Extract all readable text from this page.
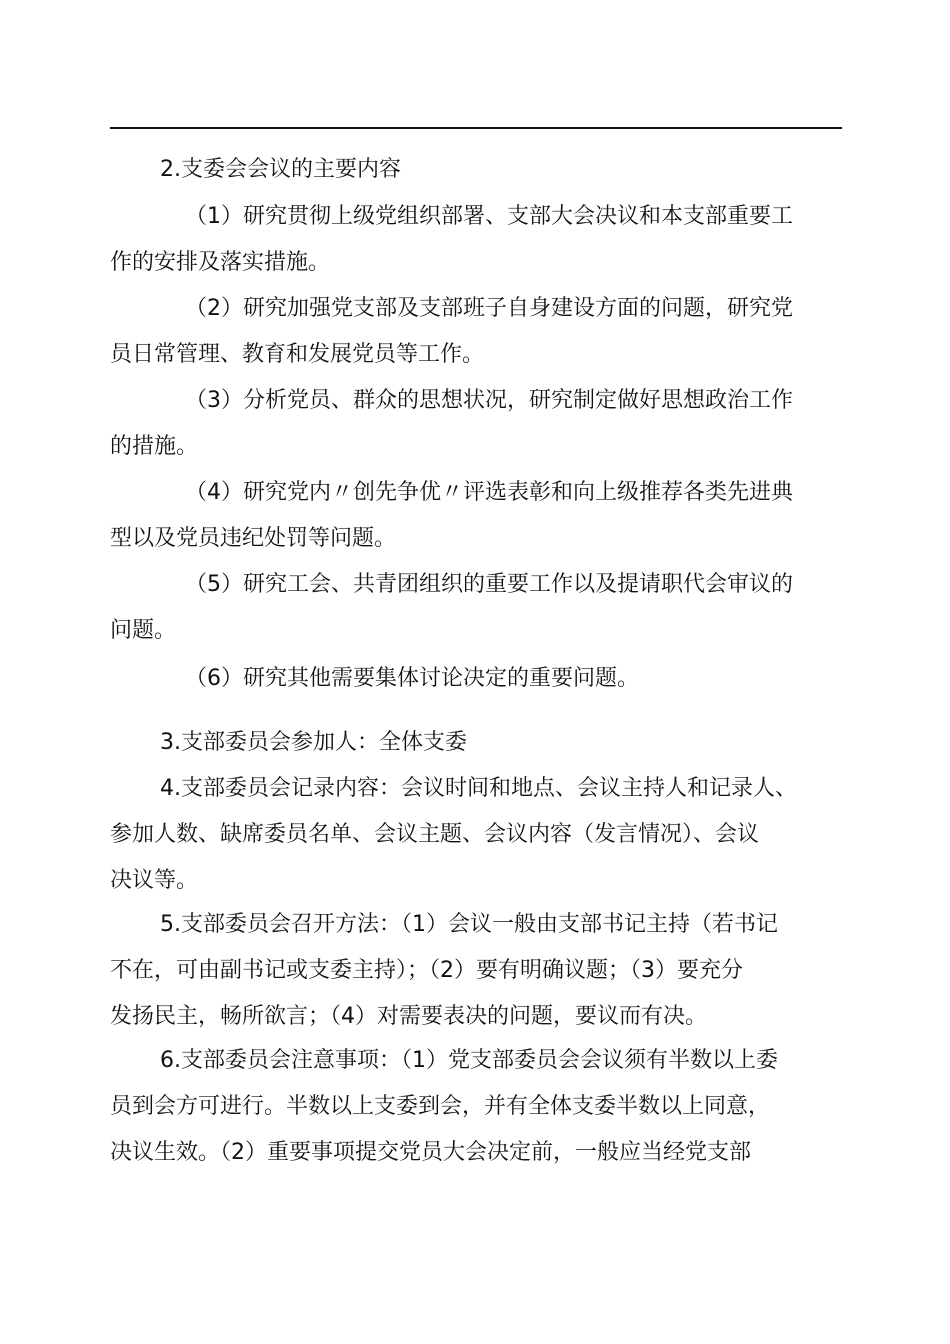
2.支委会会议的主要内容
（1）研究贯彻上级党组织部署、支部大会决议和本支部重要工
作的安排及落实措施。
（2）研究加强党支部及支部班子自身建设方面的问题，研究党
员日常管理、教育和发展党员等工作。
（3）分析党员、群众的思想状况，研究制定做好思想政治工作
的措施。
（4）研究党内〃创先争优〃评选表彰和向上级推荐各类先进典
型以及党员违纪处罚等问题。
（5）研究工会、共青团组织的重要工作以及提请职代会审议的
问题。
（6）研究其他需要集体讨论决定的重要问题。
3.支部委员会参加人：全体支委
4.支部委员会记录内容：会议时间和地点、会议主持人和记录人、
参加人数、缺席委员名单、会议主题、会议内容（发言情况）、会议
决议等。
5.支部委员会召开方法：（1）会议一般由支部书记主持（若书记
不在，可由副书记或支委主持）；（2）要有明确议题；（3）要充分
发扬民主，畅所欲言；（4）对需要表决的问题，要议而有决。
6.支部委员会注意事项：（1）党支部委员会会议须有半数以上委
员到会方可进行。半数以上支委到会，并有全体支委半数以上同意，
决议生效。（2）重要事项提交党员大会决定前，一般应当经党支部
